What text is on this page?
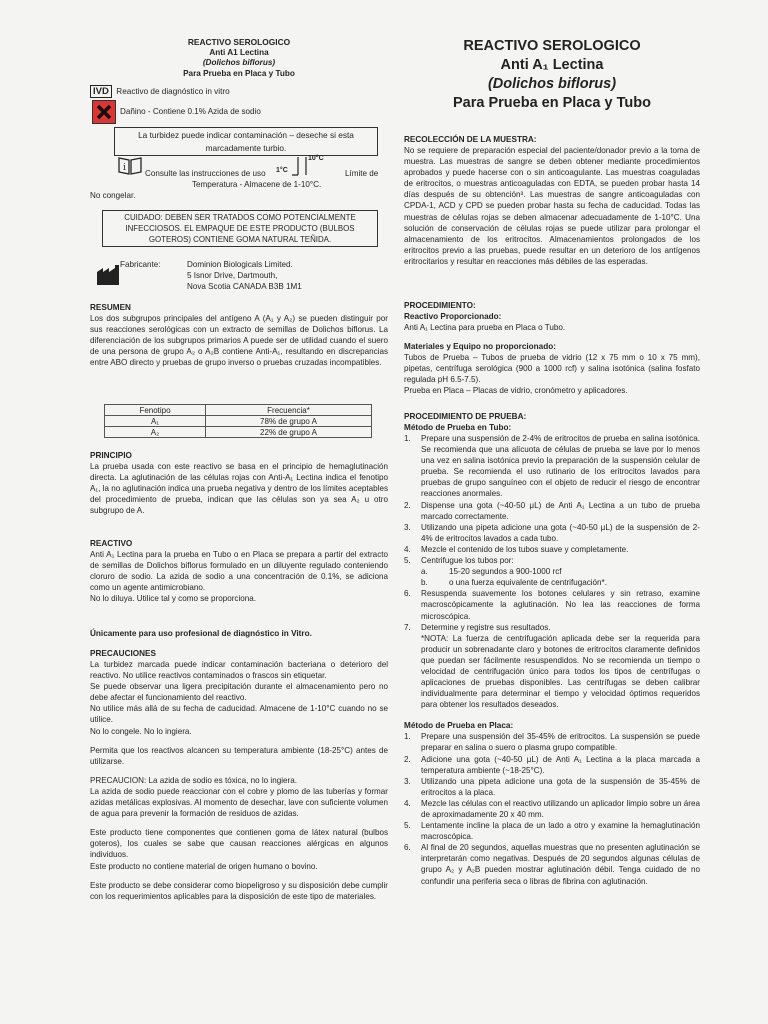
REACTIVO SEROLOGICO
Anti A1 Lectina
(Dolichos biflorus)
Para Prueba en Placa y Tubo
IVD Reactivo de diagnóstico in vitro
Dañino - Contiene 0.1% Azida de sodio

La turbidez puede indicar contaminación – deseche si esta marcadamente turbio.

i
Consulte las instrucciones de uso 1°C
10°C
Límite de
Temperatura - Almacene de 1-10°C.
No congelar.

CUIDADO: DEBEN SER TRATADOS COMO POTENCIALMENTE INFECCIOSOS. EL EMPAQUE DE ESTE PRODUCTO (BULBOS GOTEROS) CONTIENE GOMA NATURAL TEÑIDA.

Fabricante:	Dominion Biologicals Limited.
5 Isnor Drive, Dartmouth,
Nova Scotia CANADA B3B 1M1
RESUMEN

Los dos subgrupos principales del antígeno A (A₁ y A₂) se pueden distinguir por sus reacciones serológicas con un extracto de semillas de Dolichos biflorus. La diferenciación de los subgrupos primarios A puede ser de utilidad cuando el suero de una persona de grupo A₂ o A₂B contiene Anti-A₁, resultando en discrepancias entre ABO directo y pruebas de grupo inverso o pruebas cruzadas incompatibles.

Fenotipo	Frecuencia*
A₁	78% de grupo A
A₂	22% de grupo A
PRINCIPIO

La prueba usada con este reactivo se basa en el principio de hemaglutinación directa. La aglutinación de las células rojas con Anti-A₁ Lectina indica el fenotipo A₁, la no aglutinación indica una prueba negativa y dentro de los límites aceptables del procedimiento de prueba, indican que las células son ya sea A₂ u otro subgrupo de A.

REACTIVO

Anti A₁ Lectina para la prueba en Tubo o en Placa se prepara a partir del extracto de semillas de Dolichos biflorus formulado en un diluyente regulado conteniendo cloruro de sodio. La azida de sodio a una concentración de 0.1%, se adiciona como un agente antimicrobiano.

No lo diluya. Utilice tal y como se proporciona.

Únicamente para uso profesional de diagnóstico in Vitro.
PRECAUCIONES

La turbidez marcada puede indicar contaminación bacteriana o deterioro del reactivo. No utilice reactivos contaminados o frascos sin etiquetar.

Se puede observar una ligera precipitación durante el almacenamiento pero no debe afectar el funcionamiento del reactivo.

No utilice más allá de su fecha de caducidad. Almacene de 1-10°C cuando no se utilice.

No lo congele. No lo ingiera.

Permita que los reactivos alcancen su temperatura ambiente (18-25°C) antes de utilizarse.

PRECAUCION: La azida de sodio es tóxica, no lo ingiera.

La azida de sodio puede reaccionar con el cobre y plomo de las tuberías y formar azidas metálicas explosivas. Al momento de desechar, lave con suficiente volumen de agua para prevenir la formación de residuos de azidas.

Este producto tiene componentes que contienen goma de látex natural (bulbos goteros), los cuales se sabe que causan reacciones alérgicas en algunos individuos.

Este producto no contiene material de origen humano o bovino.

Este producto se debe considerar como biopeligroso y su disposición debe cumplir con los requerimientos aplicables para la disposición de este tipo de materiales.

REACTIVO SEROLOGICO
Anti A₁ Lectina
(Dolichos biflorus)
Para Prueba en Placa y Tubo
RECOLECCIÓN DE LA MUESTRA:

No se requiere de preparación especial del paciente/donador previo a la toma de muestra. Las muestras de sangre se deben obtener mediante procedimientos aprobados y puede hacerse con o sin anticoagulante. Las muestras coaguladas de eritrocitos, o muestras anticoaguladas con EDTA, se pueden probar hasta 14 días después de su obtención³. Las muestras de sangre anticoaguladas con CPDA-1, ACD y CPD se pueden probar hasta su fecha de caducidad. Todas las muestras de células rojas se deben almacenar adecuadamente de 1-10°C. Una solución de conservación de células rojas se puede utilizar para prolongar el almacenamiento de los eritrocitos. Almacenamientos prolongados de los eritrocitos previo a las pruebas, puede resultar en un deterioro de los antígenos eritrocitarios y resultar en reacciones más débiles de las esperadas.

PROCEDIMIENTO:
Reactivo Proporcionado:

Anti A₁ Lectina para prueba en Placa o Tubo.

Materiales y Equipo no proporcionado:

Tubos de Prueba – Tubos de prueba de vidrio (12 x 75 mm o 10 x 75 mm), pipetas, centrífuga serológica (900 a 1000 rcf) y salina isotónica (salina fosfato regulada pH 6.5-7.5).

Prueba en Placa – Placas de vidrio, cronómetro y aplicadores.

PROCEDIMIENTO DE PRUEBA:
Método de Prueba en Tubo:
1. Prepare una suspensión de 2-4% de eritrocitos de prueba en salina isotónica. Se recomienda que una alícuota de células de prueba se lave por lo menos una vez en salina isotónica previo la preparación de la suspensión celular de prueba. Se recomienda el uso rutinario de los eritrocitos lavados para pruebas de grupo sanguíneo con el objeto de reducir el riesgo de encontrar reacciones anormales.
2. Dispense una gota (~40-50 μL) de Anti A₁ Lectina a un tubo de prueba marcado correctamente.
3. Utilizando una pipeta adicione una gota (~40-50 μL) de la suspensión de 2-4% de eritrocitos lavados a cada tubo.
4. Mezcle el contenido de los tubos suave y completamente.
5. Centrifugue los tubos por:
a.	15-20 segundos a 900-1000 rcf
b.	o una fuerza equivalente de centrifugación*.
6. Resuspenda suavemente los botones celulares y sin retraso, examine macroscópicamente la aglutinación. No lea las reacciones de forma microscópica.
7. Determine y registre sus resultados.
*NOTA: La fuerza de centrifugación aplicada debe ser la requerida para producir un sobrenadante claro y botones de eritrocitos claramente definidos que puedan ser fácilmente resuspendidos. No se recomienda un tiempo o velocidad de centrifugación único para todos los tipos de centrífugas o aplicaciones de pruebas disponibles. Las centrífugas se deben calibrar individualmente para determinar el tiempo y velocidad óptimos requeridos para obtener los resultados deseados.
Método de Prueba en Placa:
1. Prepare una suspensión del 35-45% de eritrocitos. La suspensión se puede preparar en salina o suero o plasma grupo compatible.
2. Adicione una gota (~40-50 μL) de Anti A₁ Lectina a la placa marcada a temperatura ambiente (~18-25°C).
3. Utilizando una pipeta adicione una gota de la suspensión de 35-45% de eritrocitos a la placa.
4. Mezcle las células con el reactivo utilizando un aplicador limpio sobre un área de aproximadamente 20 x 40 mm.
5. Lentamente incline la placa de un lado a otro y examine la hemaglutinación macroscópica.
6. Al final de 20 segundos, aquellas muestras que no presenten aglutinación se interpretarán como negativas. Después de 20 segundos algunas células de grupo A₂ y A₂B pueden mostrar aglutinación débil. Tenga cuidado de no confundir una periferia seca o libras de fibrina con aglutinación.
